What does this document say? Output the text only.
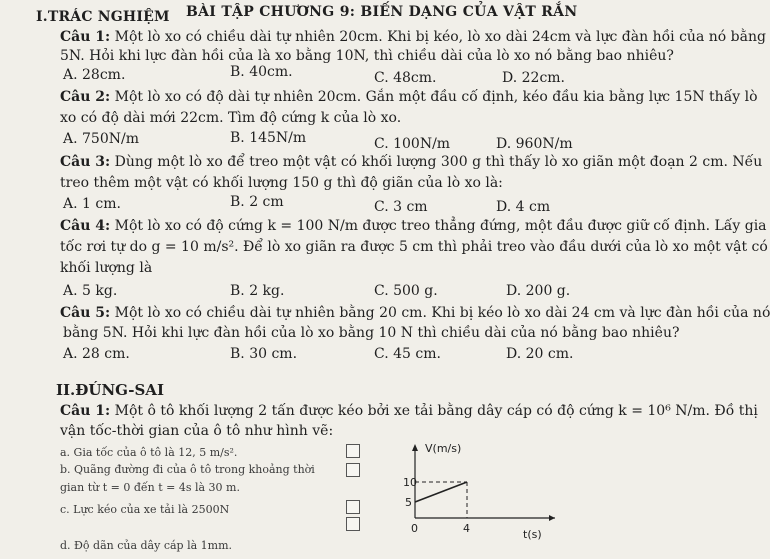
I.TRÁC NGHIỆM BÀI TẬP CHƯƠNG 9: BIẾN DẠNG CỦA VẬT RẮN
Câu 1: Một lò xo có chiều dài tự nhiên 20cm. Khi bị kéo, lò xo dài 24cm và lực đàn hồi của nó bằng
5N. Hỏi khi lực đàn hồi của là xo bằng 10N, thì chiều dài của lò xo nó bằng bao nhiêu?
A. 28cm.	B. 40cm.	C. 48cm.	D. 22cm.
Câu 2: Một lò xo có độ dài tự nhiên 20cm. Gắn một đầu cố định, kéo đầu kia bằng lực 15N thấy lò
xo có độ dài mới 22cm. Tìm độ cứng k của lò xo.
A. 750N/m	B. 145N/m	C. 100N/m	D. 960N/m
Câu 3: Dùng một lò xo để treo một vật có khối lượng 300 g thì thấy lò xo giãn một đoạn 2 cm. Nếu
treo thêm một vật có khối lượng 150 g thì độ giãn của lò xo là:
A. 1 cm.	B. 2 cm	C. 3 cm	D. 4 cm
Câu 4: Một lò xo có độ cứng k = 100 N/m được treo thẳng đứng, một đầu được giữ cố định. Lấy gia
tốc rơi tự do g = 10 m/s². Để lò xo giãn ra được 5 cm thì phải treo vào đầu dưới của lò xo một vật có
khối lượng là
A. 5 kg.	B. 2 kg.	C. 500 g.	D. 200 g.
Câu 5: Một lò xo có chiều dài tự nhiên bằng 20 cm. Khi bị kéo lò xo dài 24 cm và lực đàn hồi của nó
bằng 5N. Hỏi khi lực đàn hồi của lò xo bằng 10 N thì chiều dài của nó bằng bao nhiêu?
A. 28 cm.	B. 30 cm.	C. 45 cm.	D. 20 cm.
II.ĐÚNG-SAI
Câu 1: Một ô tô khối lượng 2 tấn được kéo bởi xe tải bằng dây cáp có độ cứng k = 10⁶ N/m. Đồ thị
vận tốc-thời gian của ô tô như hình vẽ:
a. Gia tốc của ô tô là 12, 5 m/s².
b. Quãng đường đi của ô tô trong khoảng thời
gian từ t = 0 đến t = 4s là 30 m.
c. Lực kéo của xe tải là 2500N
d. Độ dãn của dây cáp là 1mm.
V(m/s)
t(s)
10
5
0	4
